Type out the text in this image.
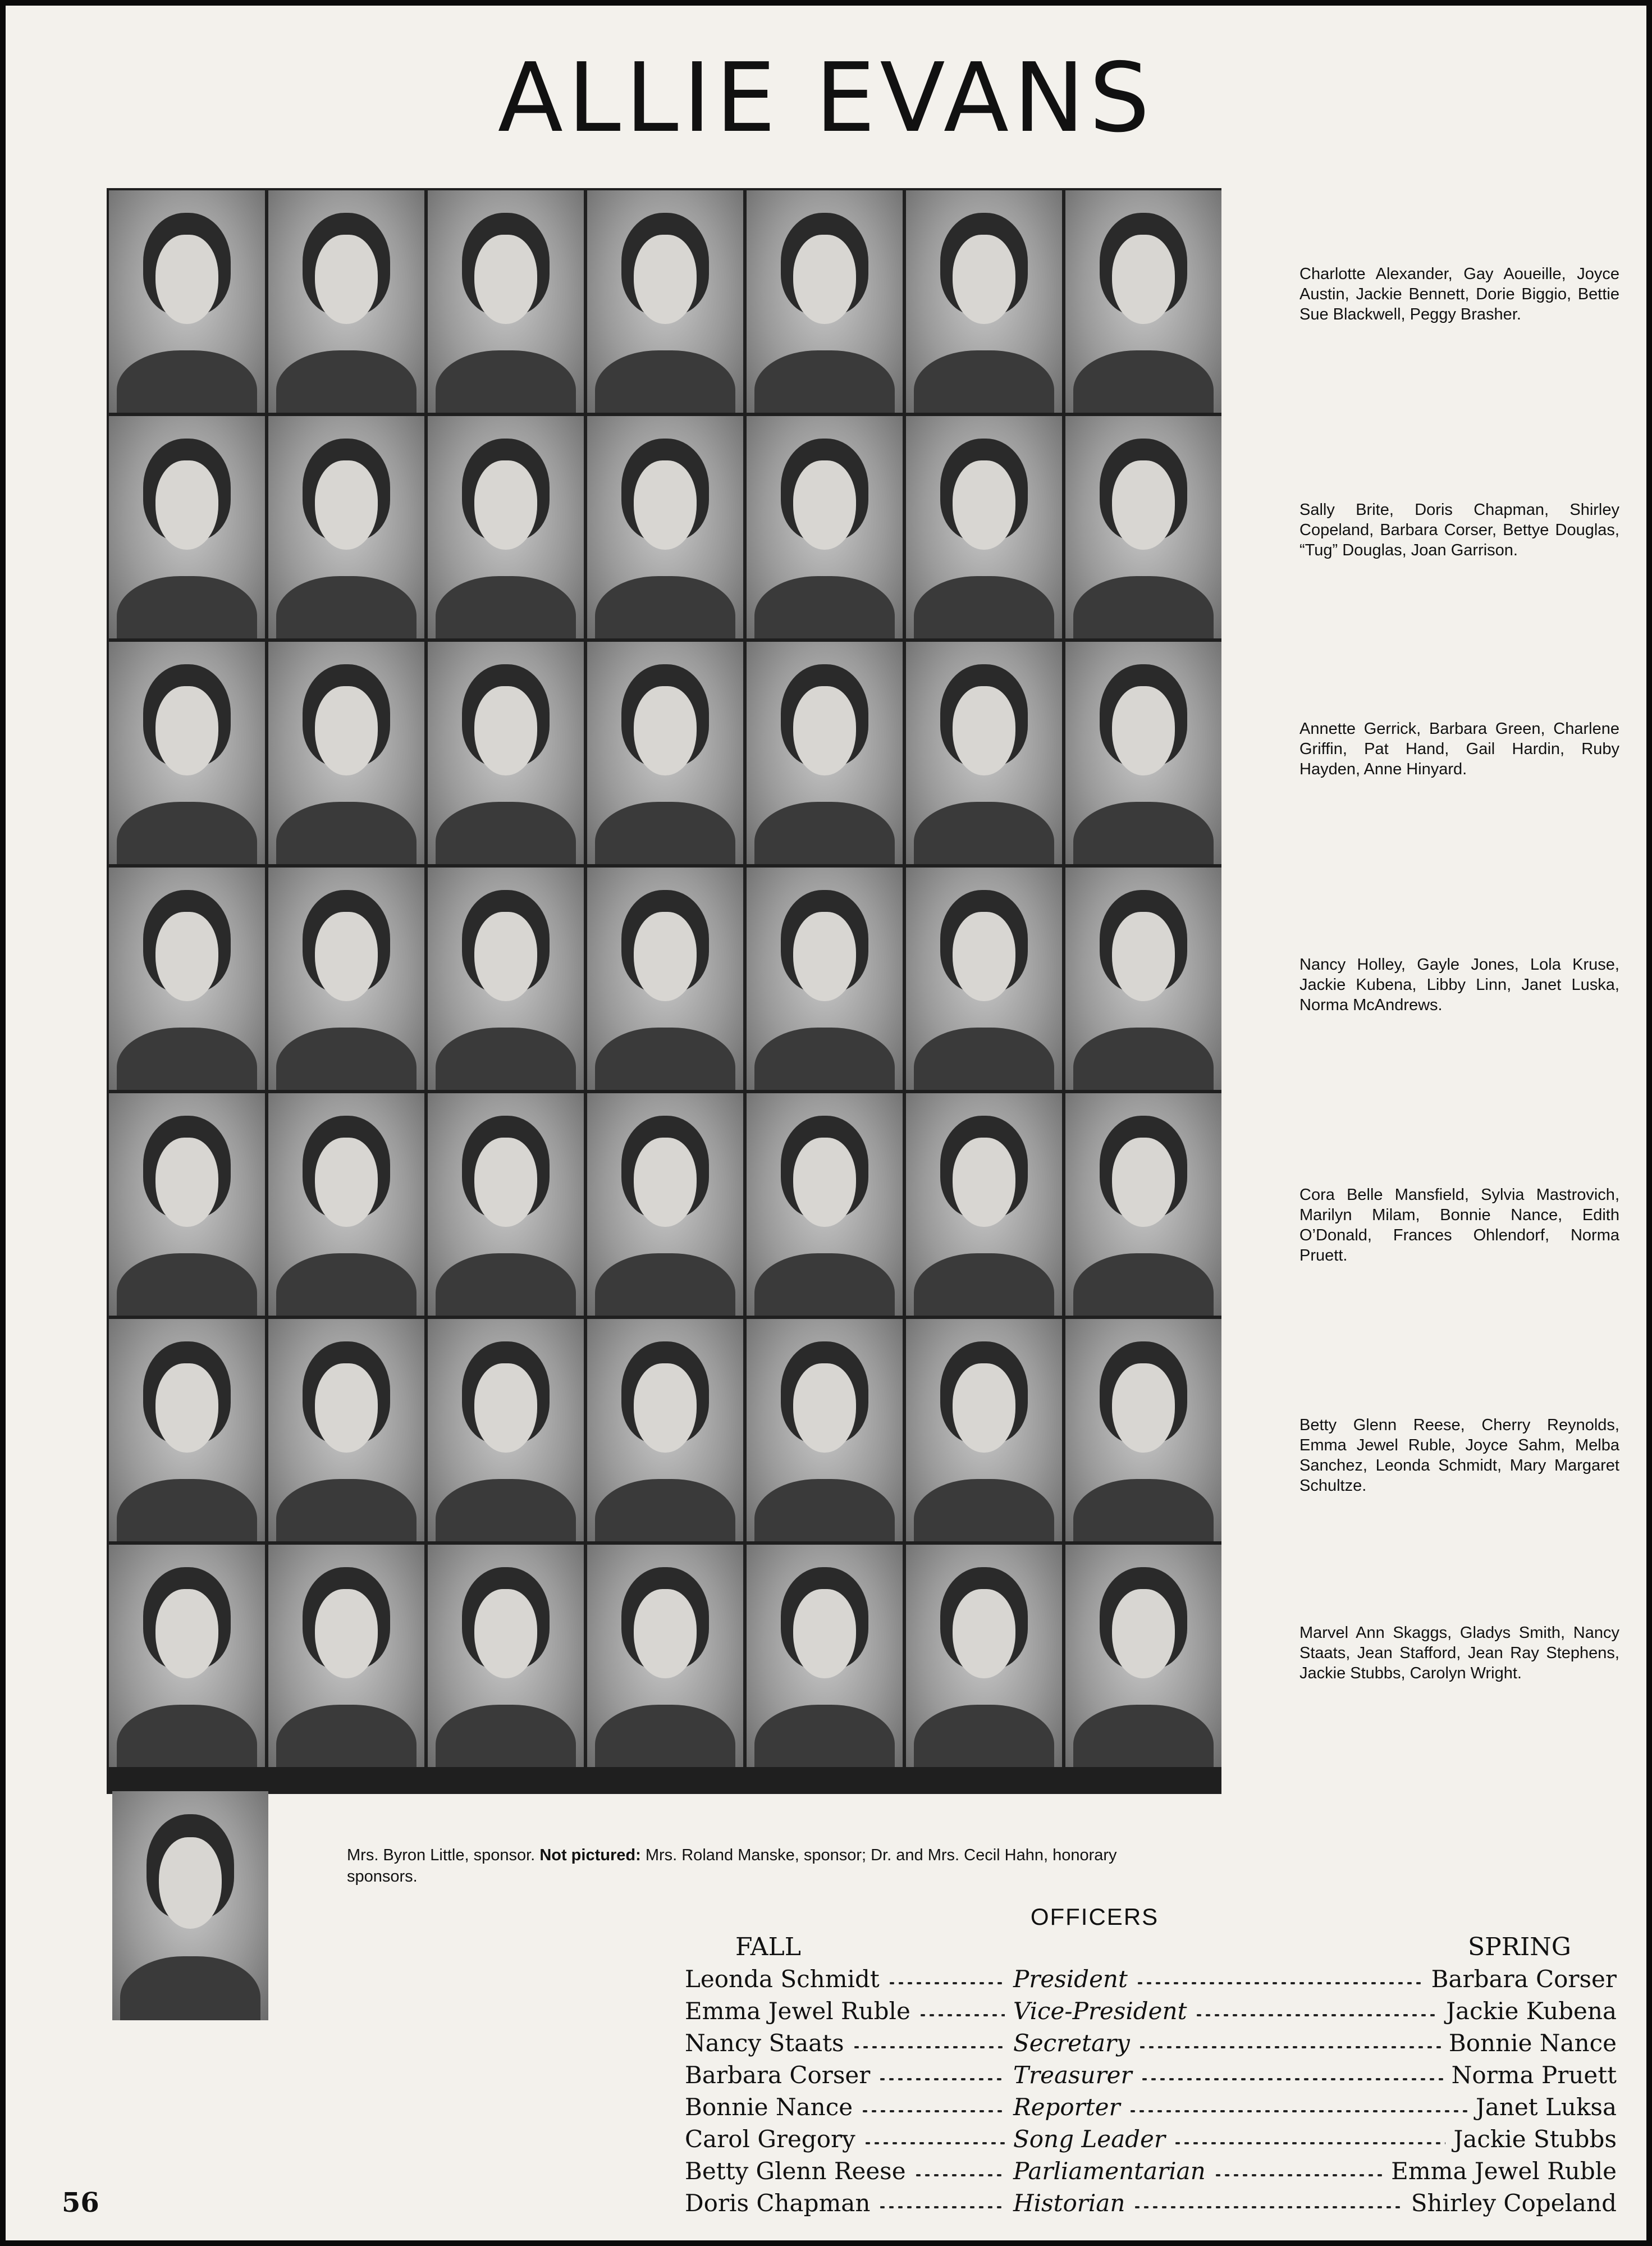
ALLIE EVANS
Charlotte Alexander, Gay Aoueille, Joyce Austin, Jackie Bennett, Dorie Biggio, Bettie Sue Blackwell, Peggy Brasher.
Sally Brite, Doris Chapman, Shirley Copeland, Barbara Corser, Bettye Douglas, “Tug” Douglas, Joan Garrison.
Annette Gerrick, Barbara Green, Charlene Griffin, Pat Hand, Gail Hardin, Ruby Hayden, Anne Hinyard.
Nancy Holley, Gayle Jones, Lola Kruse, Jackie Kubena, Libby Linn, Janet Luska, Norma McAndrews.
Cora Belle Mansfield, Sylvia Mastrovich, Marilyn Milam, Bonnie Nance, Edith O’Donald, Frances Ohlendorf, Norma Pruett.
Betty Glenn Reese, Cherry Reynolds, Emma Jewel Ruble, Joyce Sahm, Melba Sanchez, Leonda Schmidt, Mary Margaret Schultze.
Marvel Ann Skaggs, Gladys Smith, Nancy Staats, Jean Stafford, Jean Ray Stephens, Jackie Stubbs, Carolyn Wright.
Mrs. Byron Little, sponsor. Not pictured: Mrs. Roland Manske, sponsor; Dr. and Mrs. Cecil Hahn, honorary sponsors.
OFFICERS
FALL	SPRING
Leonda Schmidt	President	Barbara Corser
Emma Jewel Ruble	Vice-President	Jackie Kubena
Nancy Staats	Secretary	Bonnie Nance
Barbara Corser	Treasurer	Norma Pruett
Bonnie Nance	Reporter	Janet Luksa
Carol Gregory	Song Leader	Jackie Stubbs
Betty Glenn Reese	Parliamentarian	Emma Jewel Ruble
Doris Chapman	Historian	Shirley Copeland
56
